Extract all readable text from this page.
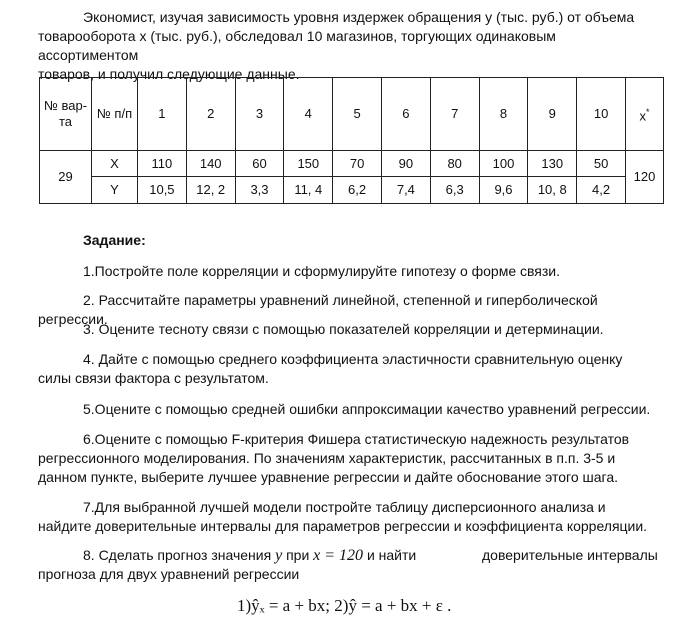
Экономист, изучая зависимость уровня издержек обращения y (тыс. руб.) от объема
товарооборота x (тыс. руб.), обследовал 10 магазинов, торгующих одинаковым ассортиментом
товаров, и получил следующие данные.

№ вар-та	№ п/п	1	2	3	4	5	6	7	8	9	10	x*
29	X	110	140	60	150	70	90	80	100	130	50	120
	Y	10,5	12, 2	3,3	11, 4	6,2	7,4	6,3	9,6	10, 8	4,2	

Задание:

1.Постройте поле корреляции и сформулируйте гипотезу о форме связи.

2. Рассчитайте параметры уравнений линейной, степенной и гиперболической регрессии.

3. Оцените тесноту связи с помощью показателей корреляции и детерминации.

4. Дайте с помощью среднего коэффициента эластичности сравнительную оценку силы связи фактора с результатом.

5.Оцените с помощью средней ошибки аппроксимации качество уравнений регрессии.

6.Оцените с помощью F-критерия Фишера статистическую надежность результатов регрессионного моделирования. По значениям характеристик, рассчитанных в п.п. 3-5 и данном пункте, выберите лучшее уравнение регрессии и дайте обоснование этого шага.

7.Для выбранной лучшей модели постройте таблицу дисперсионного анализа и найдите доверительные интервалы для параметров регрессии и коэффициента корреляции.

8. Сделать прогноз значения y при x = 120 и найти	доверительные интервалы
прогноза для двух уравнений регрессии

1)ŷₓ = a + bx; 2)ŷ = a + bx + ε .
